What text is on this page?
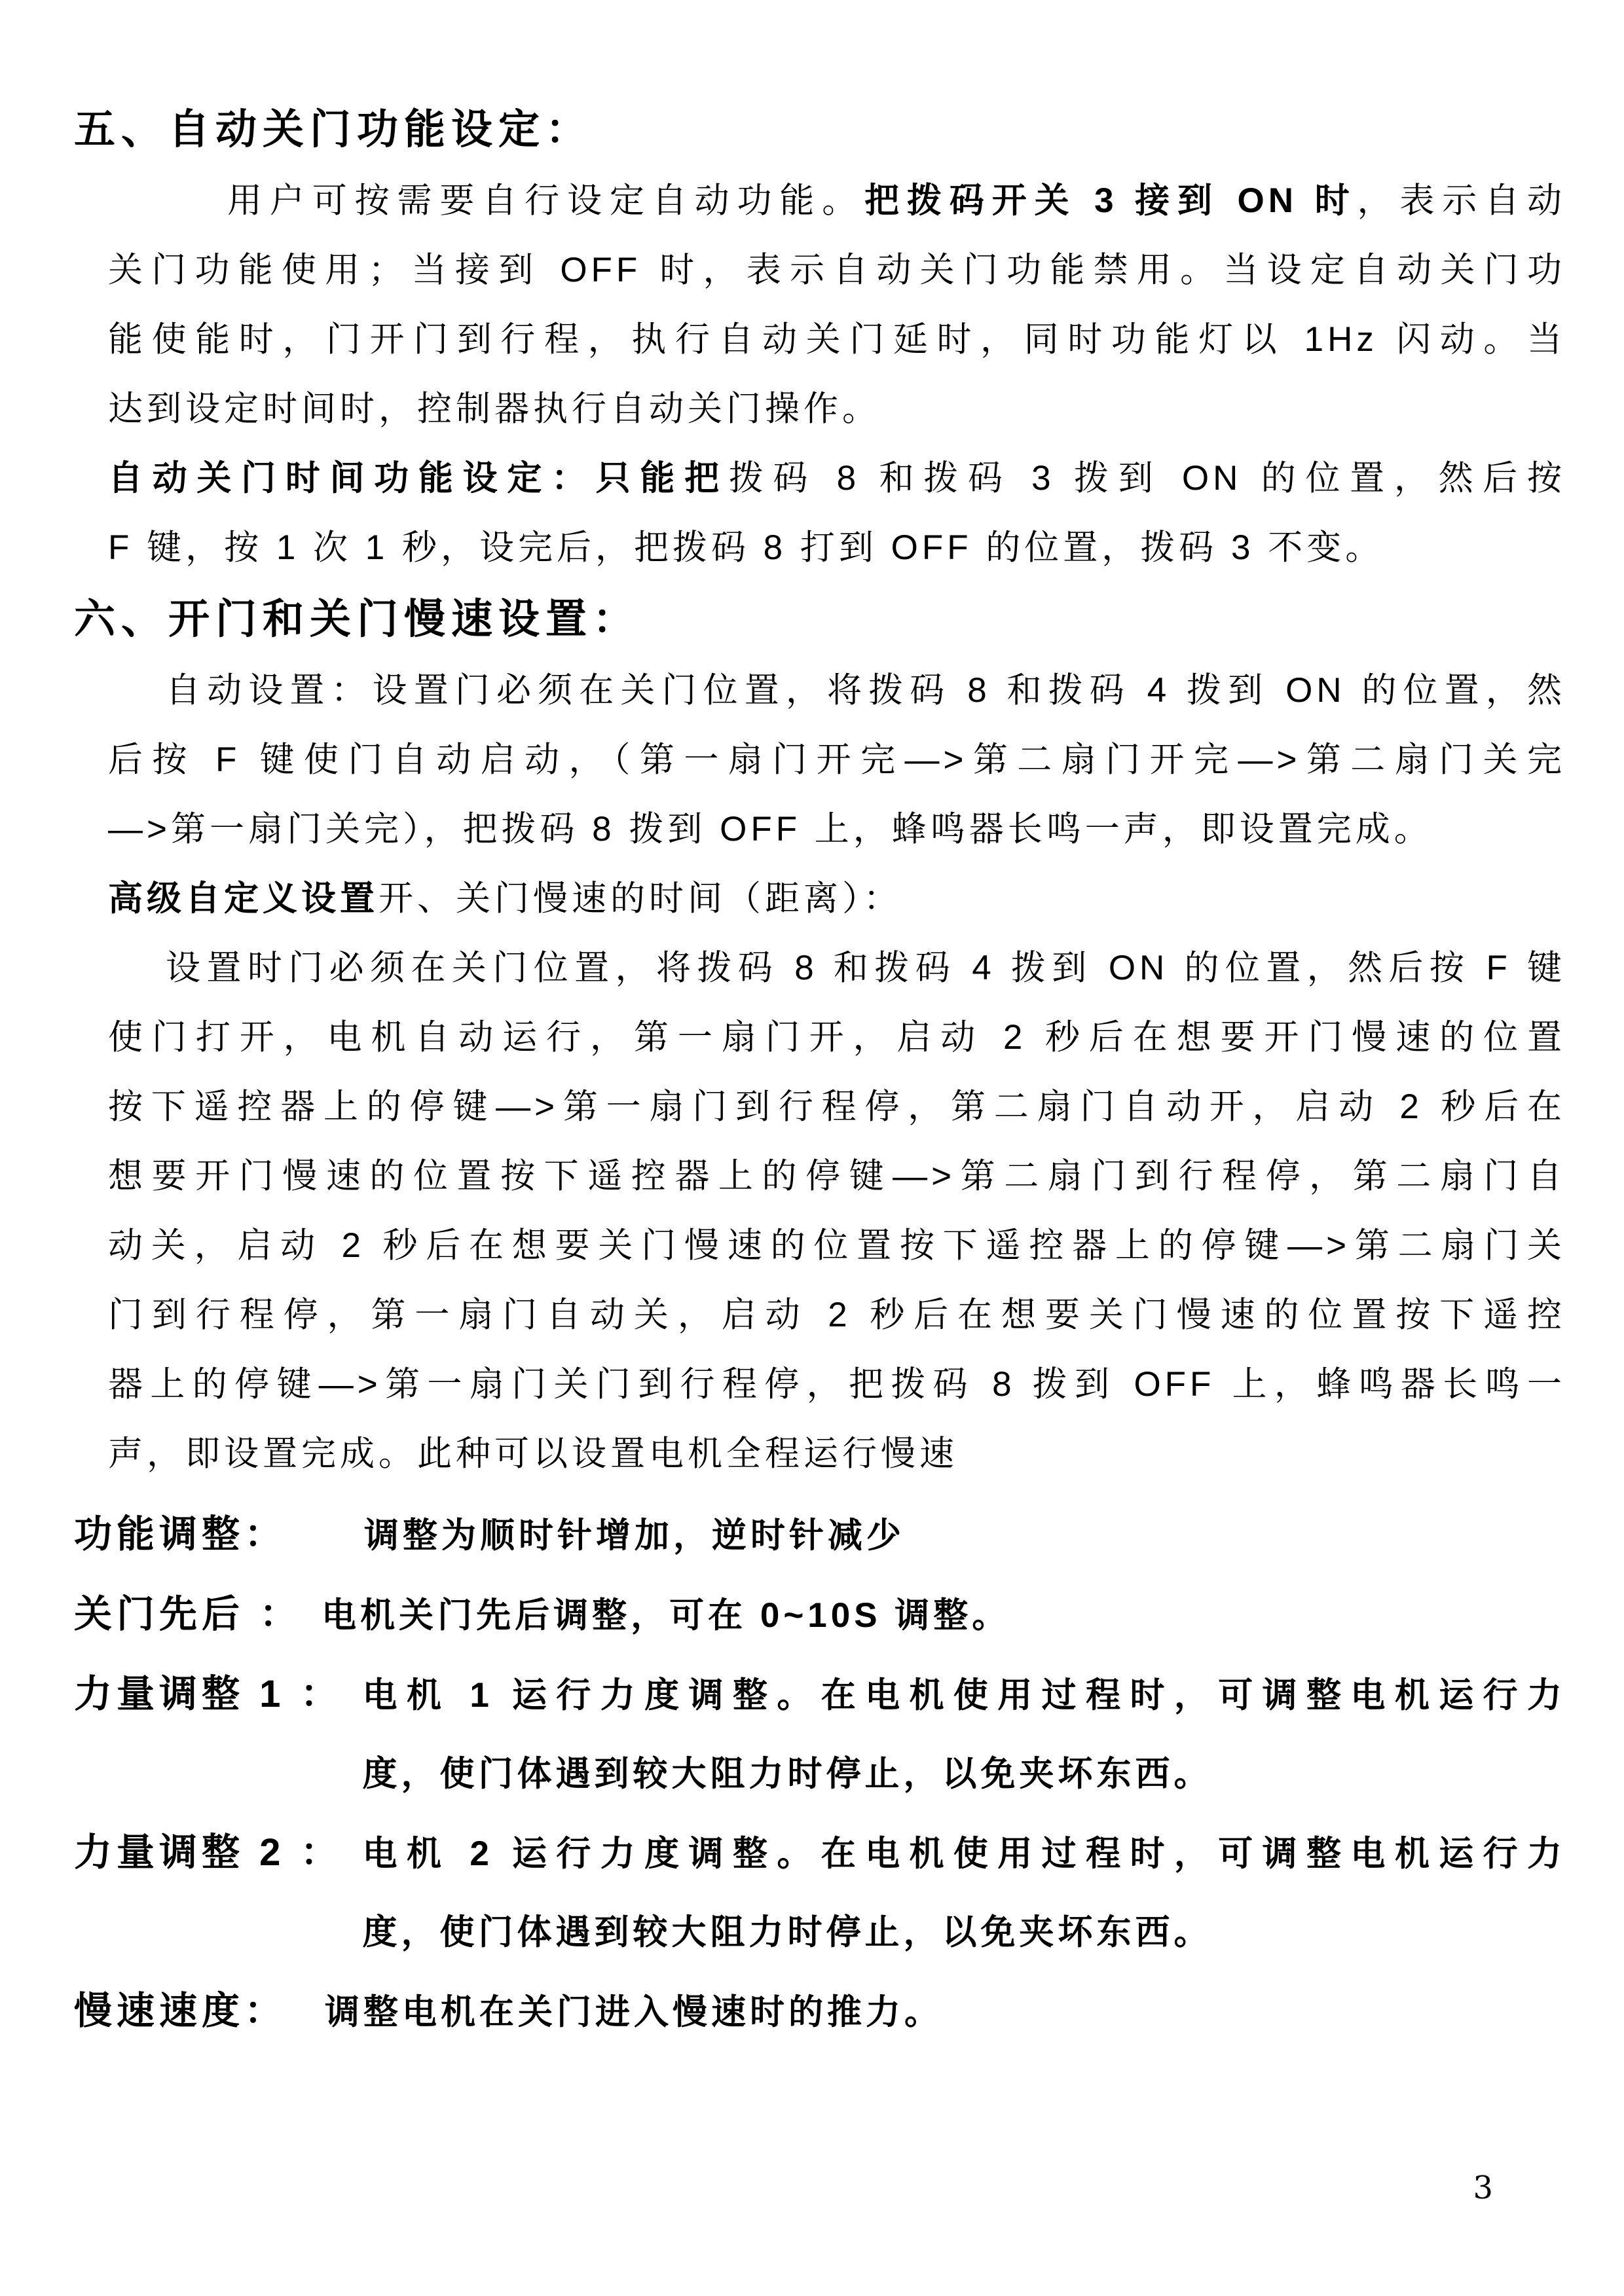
五、自动关门功能设定：
用户可按需要自行设定自动功能。把拨码开关 3 接到 ON 时，表示自动
关门功能使用；当接到 OFF 时，表示自动关门功能禁用。当设定自动关门功
能使能时，门开门到行程，执行自动关门延时，同时功能灯以 1Hz 闪动。当
达到设定时间时，控制器执行自动关门操作。
自动关门时间功能设定：只能把拨码 8 和拨码 3 拨到 ON 的位置，然后按
F 键，按 1 次 1 秒，设完后，把拨码 8 打到 OFF 的位置，拨码 3 不变。
六、开门和关门慢速设置：
自动设置：设置门必须在关门位置，将拨码 8 和拨码 4 拨到 ON 的位置，然
后按 F 键使门自动启动，（第一扇门开完—>第二扇门开完—>第二扇门关完
—>第一扇门关完），把拨码 8 拨到 OFF 上，蜂鸣器长鸣一声，即设置完成。
高级自定义设置开、关门慢速的时间（距离）：
设置时门必须在关门位置，将拨码 8 和拨码 4 拨到 ON 的位置，然后按 F 键
使门打开，电机自动运行，第一扇门开，启动 2 秒后在想要开门慢速的位置
按下遥控器上的停键—>第一扇门到行程停，第二扇门自动开，启动 2 秒后在
想要开门慢速的位置按下遥控器上的停键—>第二扇门到行程停，第二扇门自
动关，启动 2 秒后在想要关门慢速的位置按下遥控器上的停键—>第二扇门关
门到行程停，第一扇门自动关，启动 2 秒后在想要关门慢速的位置按下遥控
器上的停键—>第一扇门关门到行程停，把拨码 8 拨到 OFF 上，蜂鸣器长鸣一
声，即设置完成。此种可以设置电机全程运行慢速
功能调整： 调整为顺时针增加，逆时针减少
关门先后 ： 电机关门先后调整，可在 0~10S 调整。
力量调整 1 ： 电机 1 运行力度调整。在电机使用过程时，可调整电机运行力
度，使门体遇到较大阻力时停止，以免夹坏东西。
力量调整 2 ： 电机 2 运行力度调整。在电机使用过程时，可调整电机运行力
度，使门体遇到较大阻力时停止，以免夹坏东西。
慢速速度： 调整电机在关门进入慢速时的推力。
3
